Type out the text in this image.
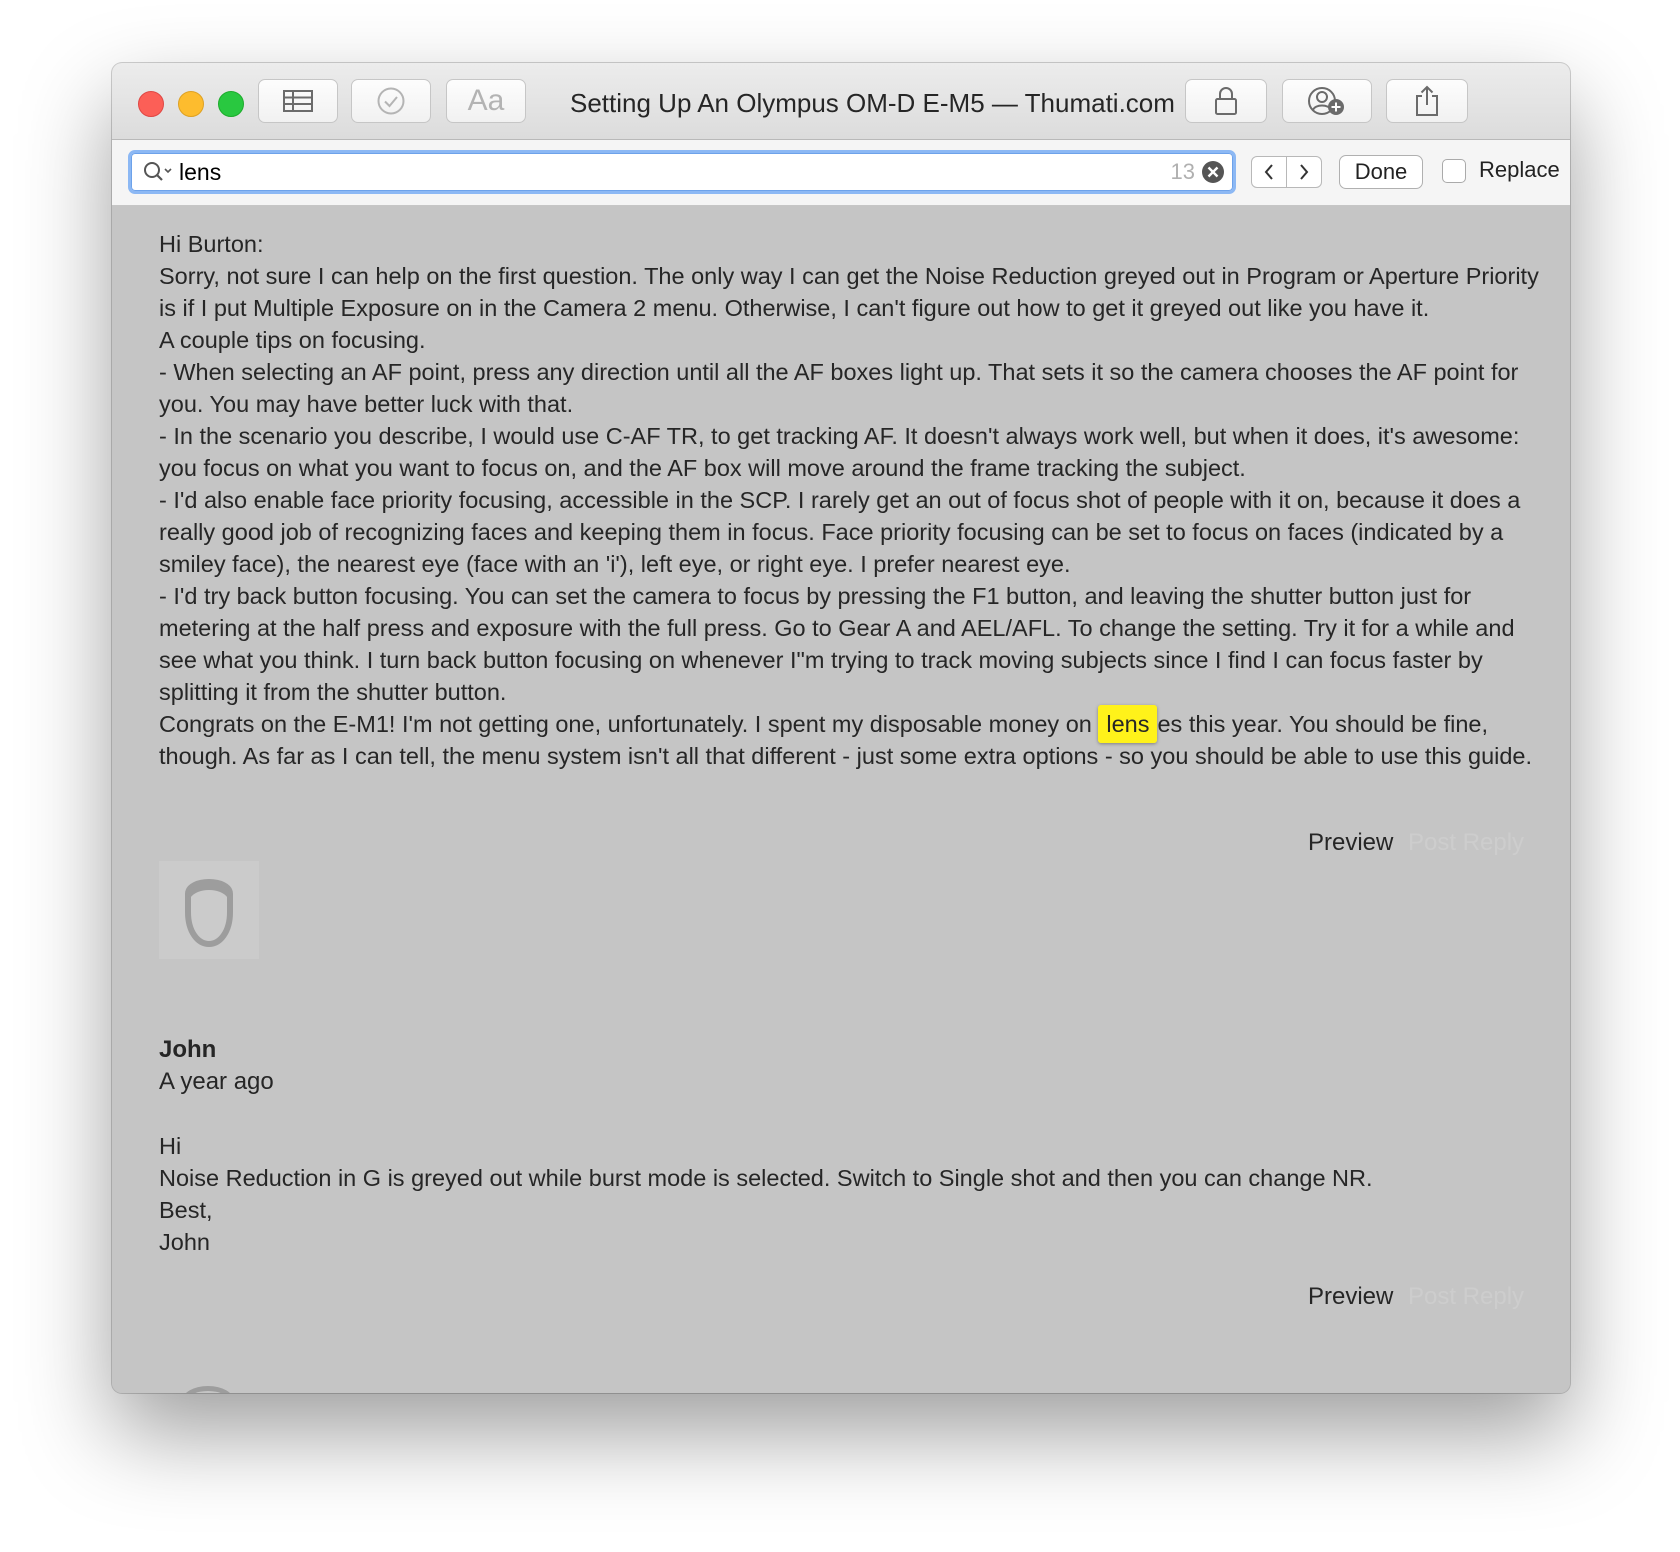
Aa	Setting Up An Olympus OM-D E-M5 — Thumati.com
lens
13	Done	Replace
Hi Burton:
Sorry, not sure I can help on the first question. The only way I can get the Noise Reduction greyed out in Program or Aperture Priority is if I put Multiple Exposure on in the Camera 2 menu. Otherwise, I can't figure out how to get it greyed out like you have it.
A couple tips on focusing.
- When selecting an AF point, press any direction until all the AF boxes light up. That sets it so the camera chooses the AF point for you. You may have better luck with that.
- In the scenario you describe, I would use C-AF TR, to get tracking AF. It doesn't always work well, but when it does, it's awesome: you focus on what you want to focus on, and the AF box will move around the frame tracking the subject.
- I'd also enable face priority focusing, accessible in the SCP. I rarely get an out of focus shot of people with it on, because it does a really good job of recognizing faces and keeping them in focus. Face priority focusing can be set to focus on faces (indicated by a smiley face), the nearest eye (face with an 'i'), left eye, or right eye. I prefer nearest eye.
- I'd try back button focusing. You can set the camera to focus by pressing the F1 button, and leaving the shutter button just for metering at the half press and exposure with the full press. Go to Gear A and AEL/AFL. To change the setting. Try it for a while and see what you think. I turn back button focusing on whenever I"m trying to track moving subjects since I find I can focus faster by splitting it from the shutter button.
Congrats on the E-M1! I'm not getting one, unfortunately. I spent my disposable money on lens es this year. You should be fine, though. As far as I can tell, the menu system isn't all that different - just some extra options - so you should be able to use this guide.
Preview Post Reply
John
A year ago
Hi
Noise Reduction in G is greyed out while burst mode is selected. Switch to Single shot and then you can change NR.
Best,
John
Preview Post Reply
